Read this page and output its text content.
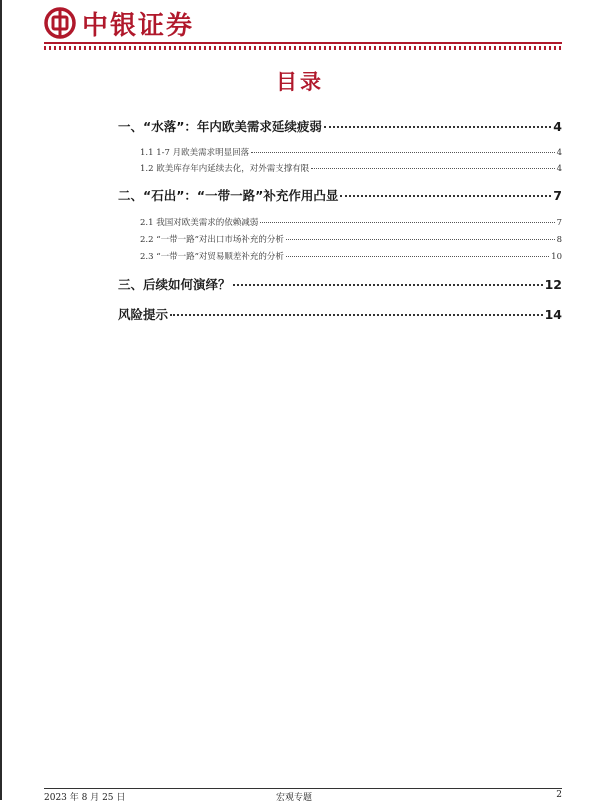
中银证券
目录
一、“水落”：年内欧美需求延续疲弱	4
1.1 1-7 月欧美需求明显回落	4
1.2 欧美库存年内延续去化，对外需支撑有限	4
二、“石出”：“一带一路”补充作用凸显	7
2.1 我国对欧美需求的依赖减弱	7
2.2 “一带一路”对出口市场补充的分析	8
2.3 “一带一路”对贸易顺差补充的分析	10
三、后续如何演绎？	12
风险提示	14
2023 年 8 月 25 日	宏观专题	2
